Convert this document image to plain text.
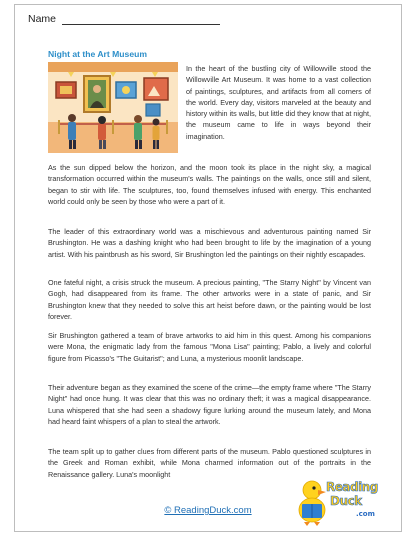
Name
Night at the Art Museum

In the heart of the bustling city of Willowville stood the Willowville Art Museum. It was home to a vast collection of paintings, sculptures, and artifacts from all corners of the world. Every day, visitors marveled at the beauty and history within its walls, but little did they know that at night, the museum came to life in ways beyond their imagination.

As the sun dipped below the horizon, and the moon took its place in the night sky, a magical transformation occurred within the museum's walls. The paintings on the walls, once still and silent, began to stir with life. The sculptures, too, found themselves infused with energy. This enchanted world could only be seen by those who were a part of it.

The leader of this extraordinary world was a mischievous and adventurous painting named Sir Brushington. He was a dashing knight who had been brought to life by the imagination of a young artist. With his paintbrush as his sword, Sir Brushington led the paintings on their nightly escapades.

One fateful night, a crisis struck the museum. A precious painting, "The Starry Night" by Vincent van Gogh, had disappeared from its frame. The other artworks were in a state of panic, and Sir Brushington knew that they needed to solve this art heist before dawn, or the painting would be lost forever.

Sir Brushington gathered a team of brave artworks to aid him in this quest. Among his companions were Mona, the enigmatic lady from the famous "Mona Lisa" painting; Pablo, a lively and colorful figure from Picasso's "The Guitarist"; and Luna, a mysterious moonlit landscape.

Their adventure began as they examined the scene of the crime—the empty frame where "The Starry Night" had once hung. It was clear that this was no ordinary theft; it was a magical disappearance. Luna whispered that she had seen a shadowy figure lurking around the museum lately, and Mona had heard faint whispers of a plan to steal the artwork.

The team split up to gather clues from different parts of the museum. Pablo questioned sculptures in the Greek and Roman exhibit, while Mona charmed information out of the portraits in the Renaissance gallery. Luna's moonlight

Reading
Duck
.com
© ReadingDuck.com
